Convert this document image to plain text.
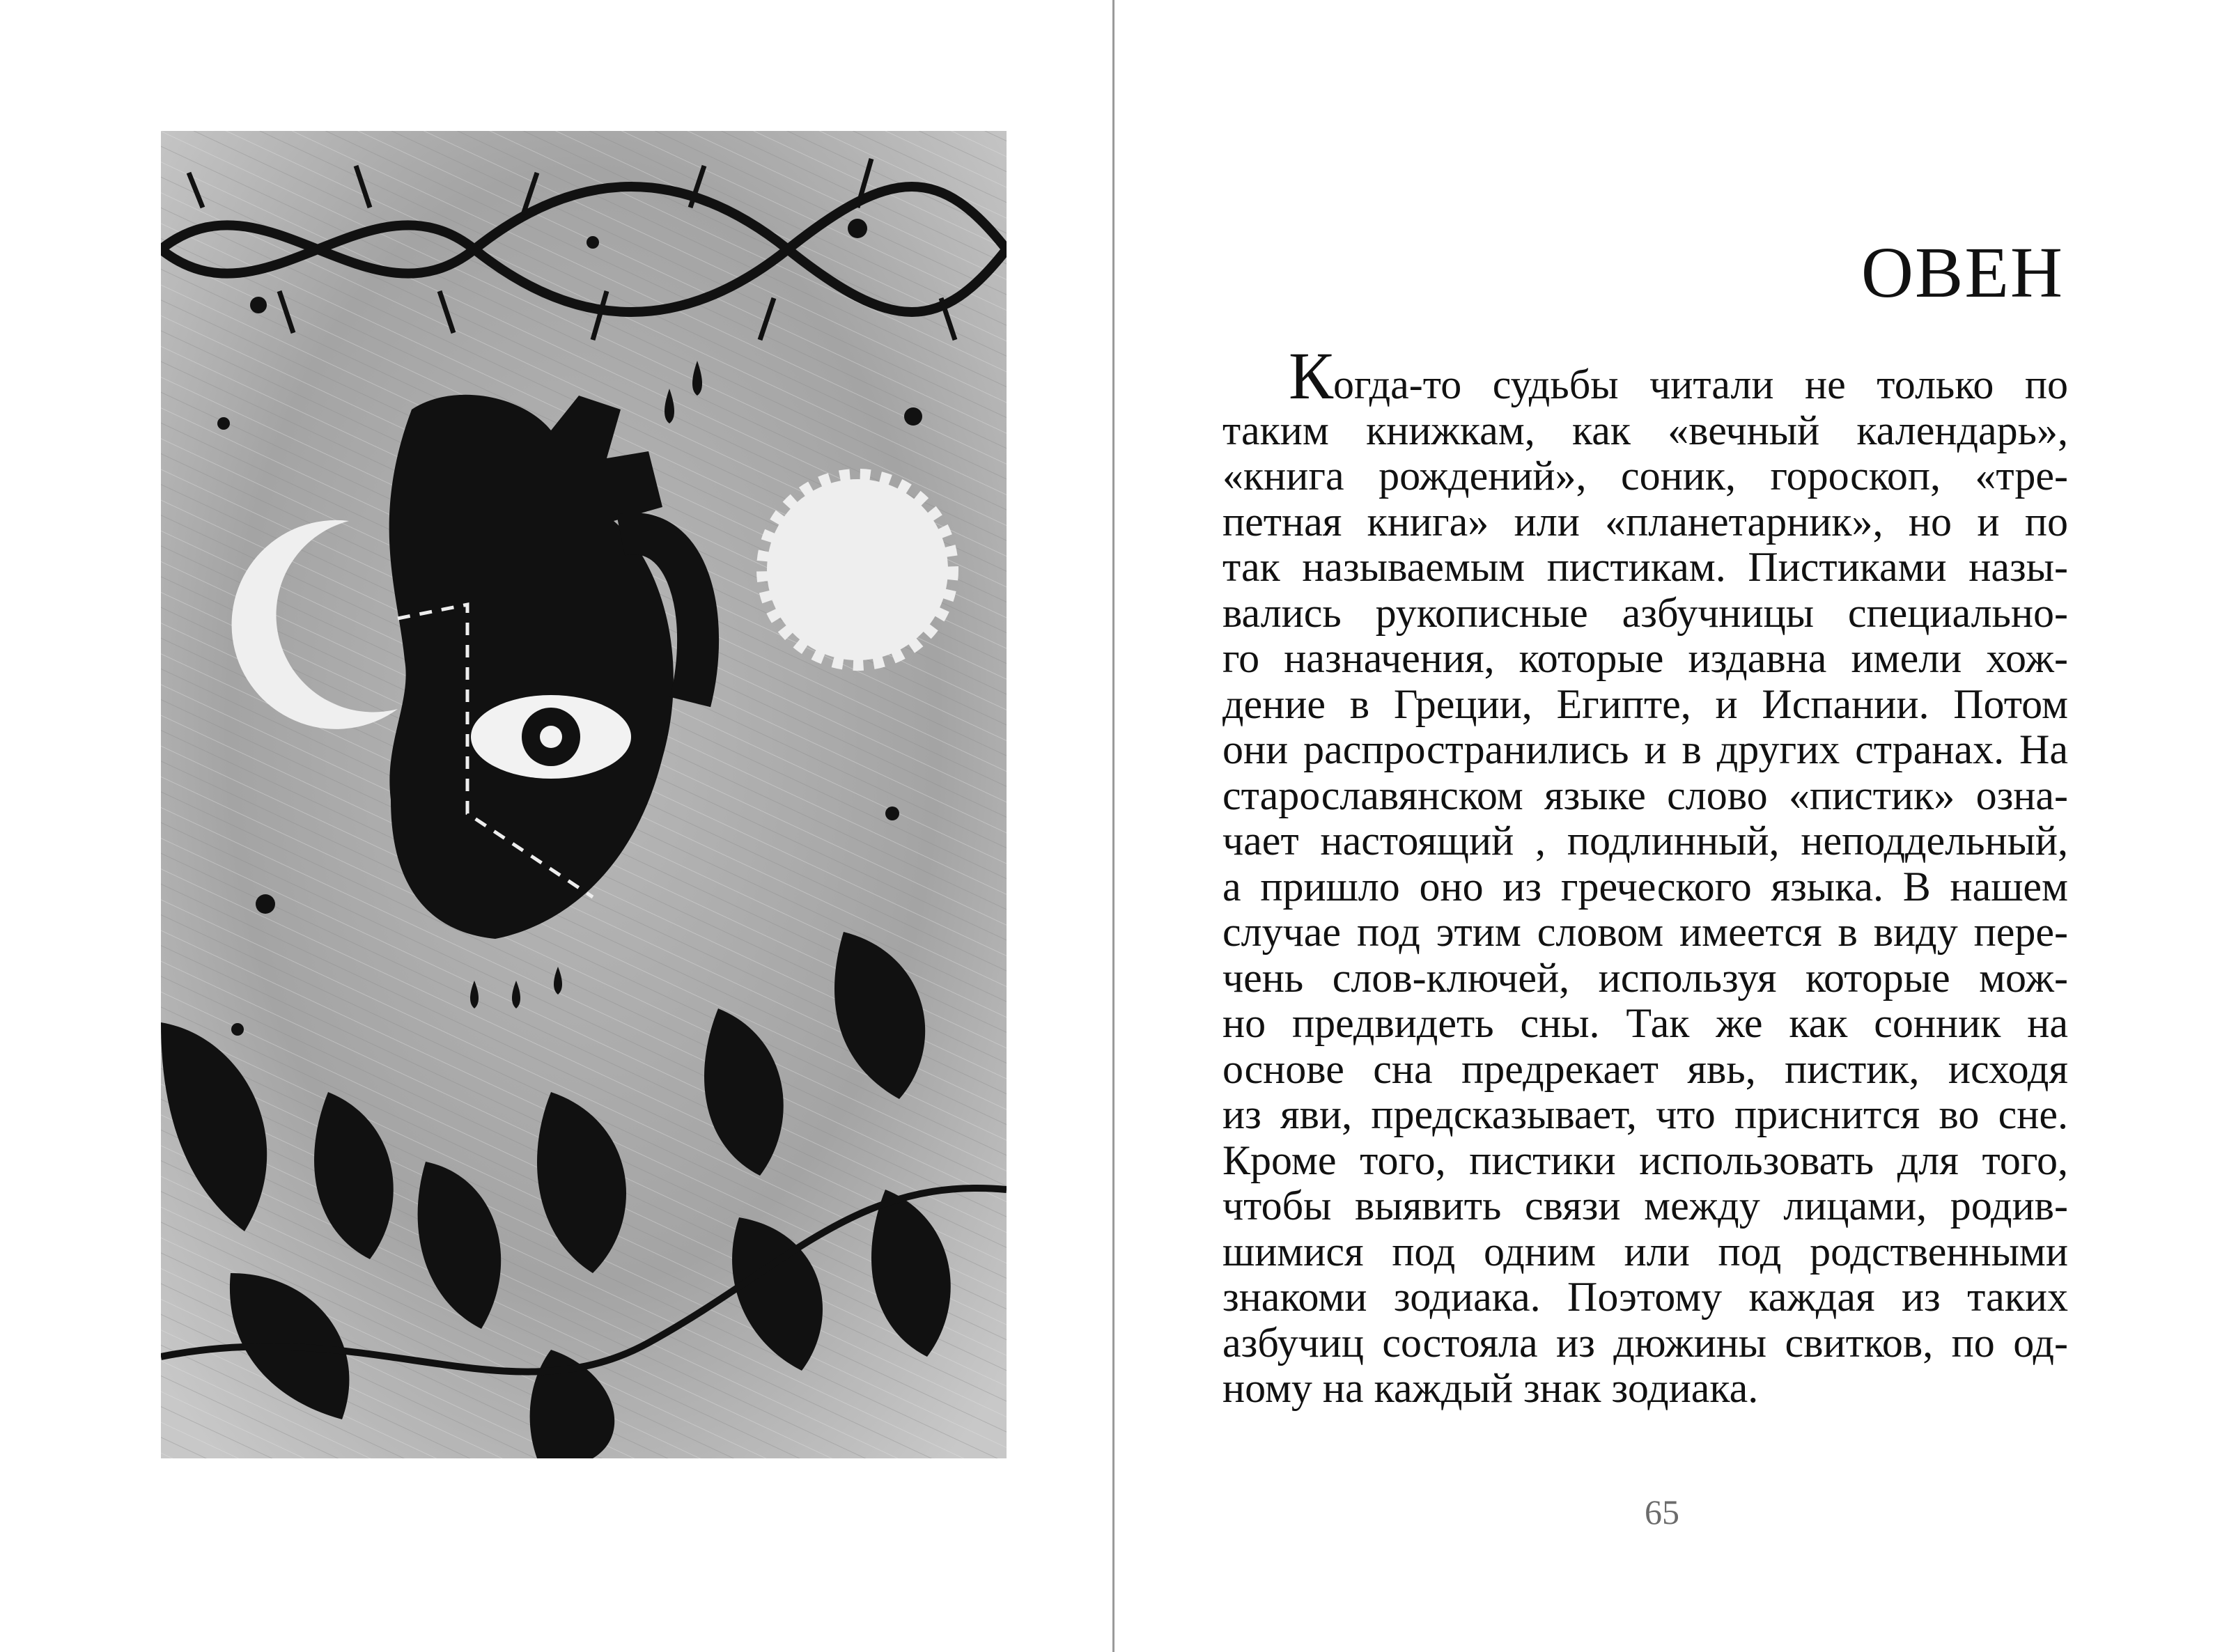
ОВЕН
Когда-то судьбы читали не только по
таким книжкам, как «вечный календарь»,
«книга рождений», соник, гороскоп, «тре-
петная книга» или «планетарник», но и по
так называемым пистикам. Пистиками назы-
вались рукописные азбучницы специально-
го назначения, которые издавна имели хож-
дение в Греции, Египте, и Испании. Потом
они распространились и в других странах. На
старославянском языке слово «пистик» озна-
чает настоящий , подлинный, неподдельный,
а пришло оно из греческого языка. В нашем
случае под этим словом имеется в виду пере-
чень слов-ключей, используя которые мож-
но предвидеть сны. Так же как сонник на
основе сна предрекает явь, пистик, исходя
из яви, предсказывает, что приснится во сне.
Кроме того, пистики использовать для того,
чтобы выявить связи между лицами, родив-
шимися под одним или под родственными
знакоми зодиака. Поэтому каждая из таких
азбучиц состояла из дюжины свитков, по од-
ному на каждый знак зодиака.
65
